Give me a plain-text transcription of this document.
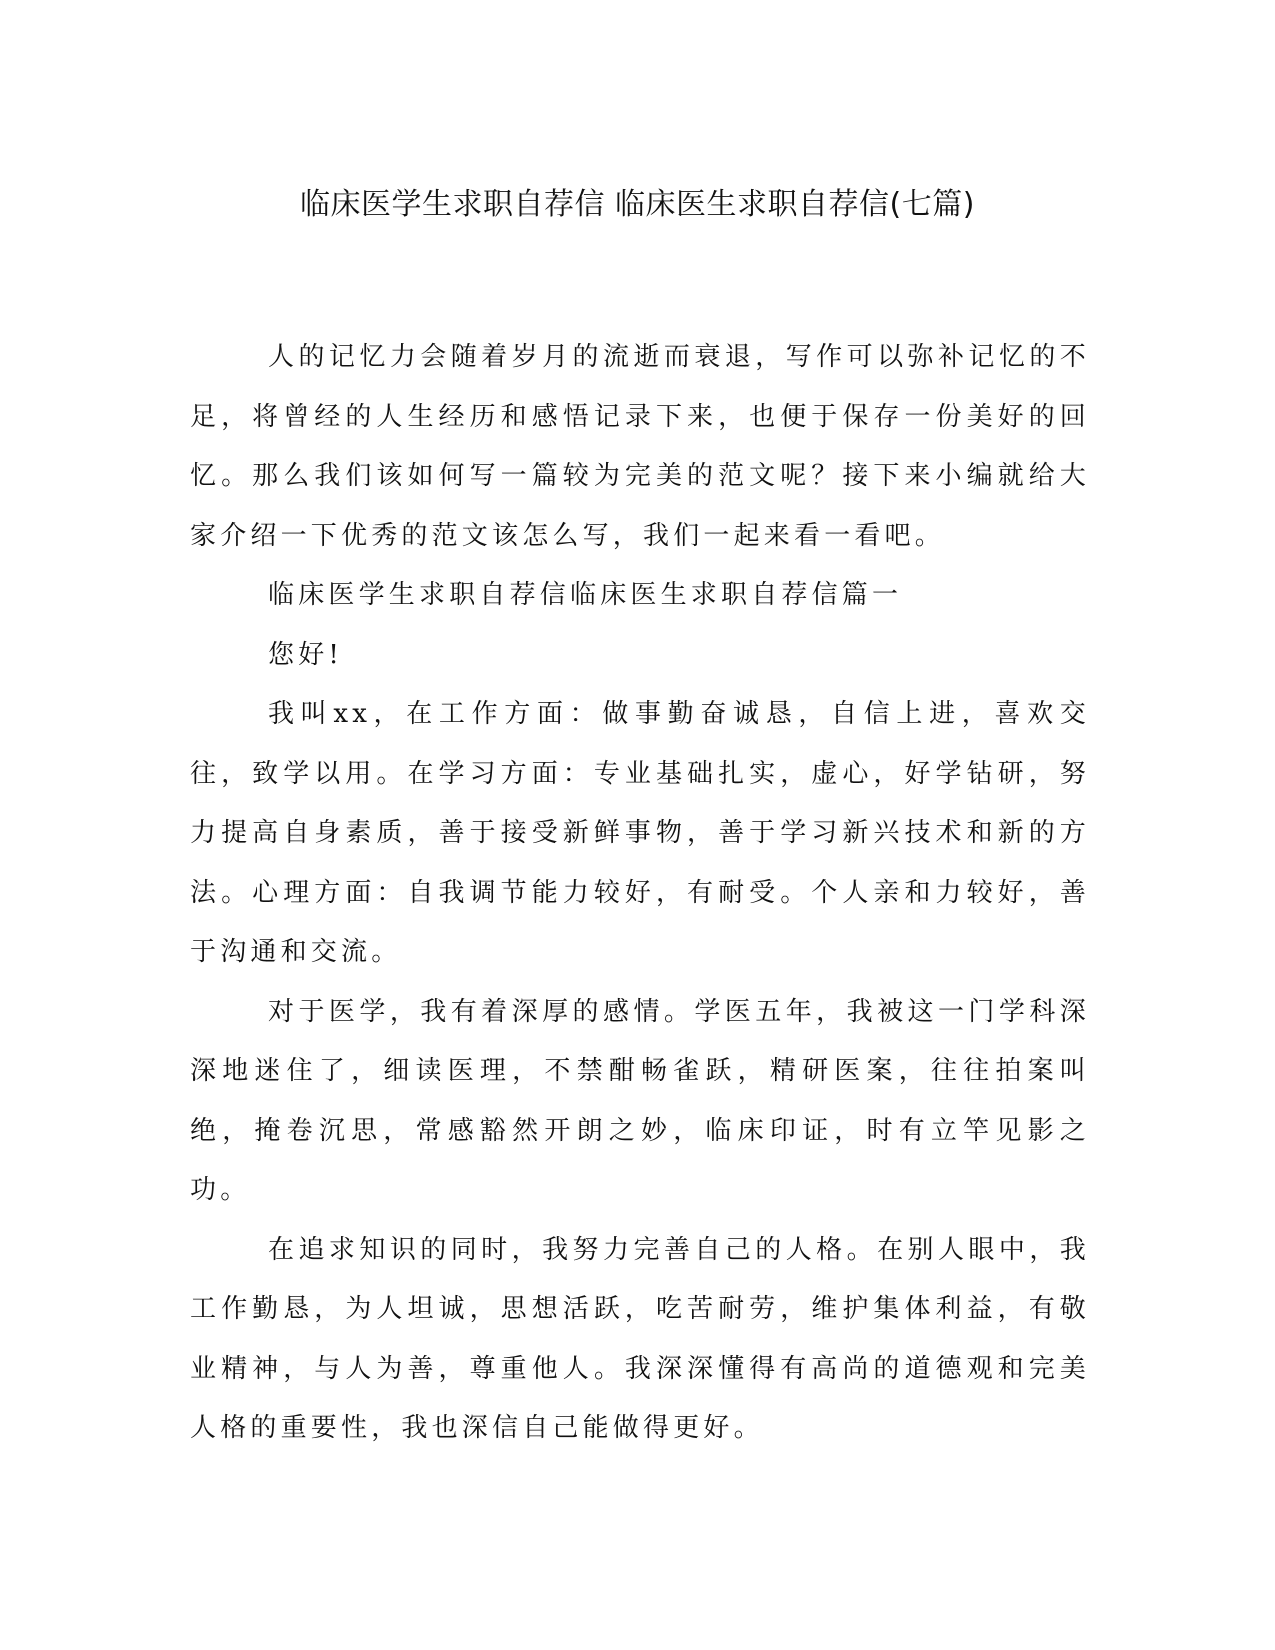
临床医学生求职自荐信 临床医生求职自荐信(七篇)

人的记忆力会随着岁月的流逝而衰退，写作可以弥补记忆的不足，将曾经的人生经历和感悟记录下来，也便于保存一份美好的回忆。那么我们该如何写一篇较为完美的范文呢？接下来小编就给大家介绍一下优秀的范文该怎么写，我们一起来看一看吧。

临床医学生求职自荐信临床医生求职自荐信篇一

您好!

我叫xx，在工作方面：做事勤奋诚恳，自信上进，喜欢交往，致学以用。在学习方面：专业基础扎实，虚心，好学钻研，努力提高自身素质，善于接受新鲜事物，善于学习新兴技术和新的方法。心理方面：自我调节能力较好，有耐受。个人亲和力较好，善于沟通和交流。

对于医学，我有着深厚的感情。学医五年，我被这一门学科深深地迷住了，细读医理，不禁酣畅雀跃，精研医案，往往拍案叫绝，掩卷沉思，常感豁然开朗之妙，临床印证，时有立竿见影之功。

在追求知识的同时，我努力完善自己的人格。在别人眼中，我工作勤恳，为人坦诚，思想活跃，吃苦耐劳，维护集体利益，有敬业精神，与人为善，尊重他人。我深深懂得有高尚的道德观和完美人格的重要性，我也深信自己能做得更好。
